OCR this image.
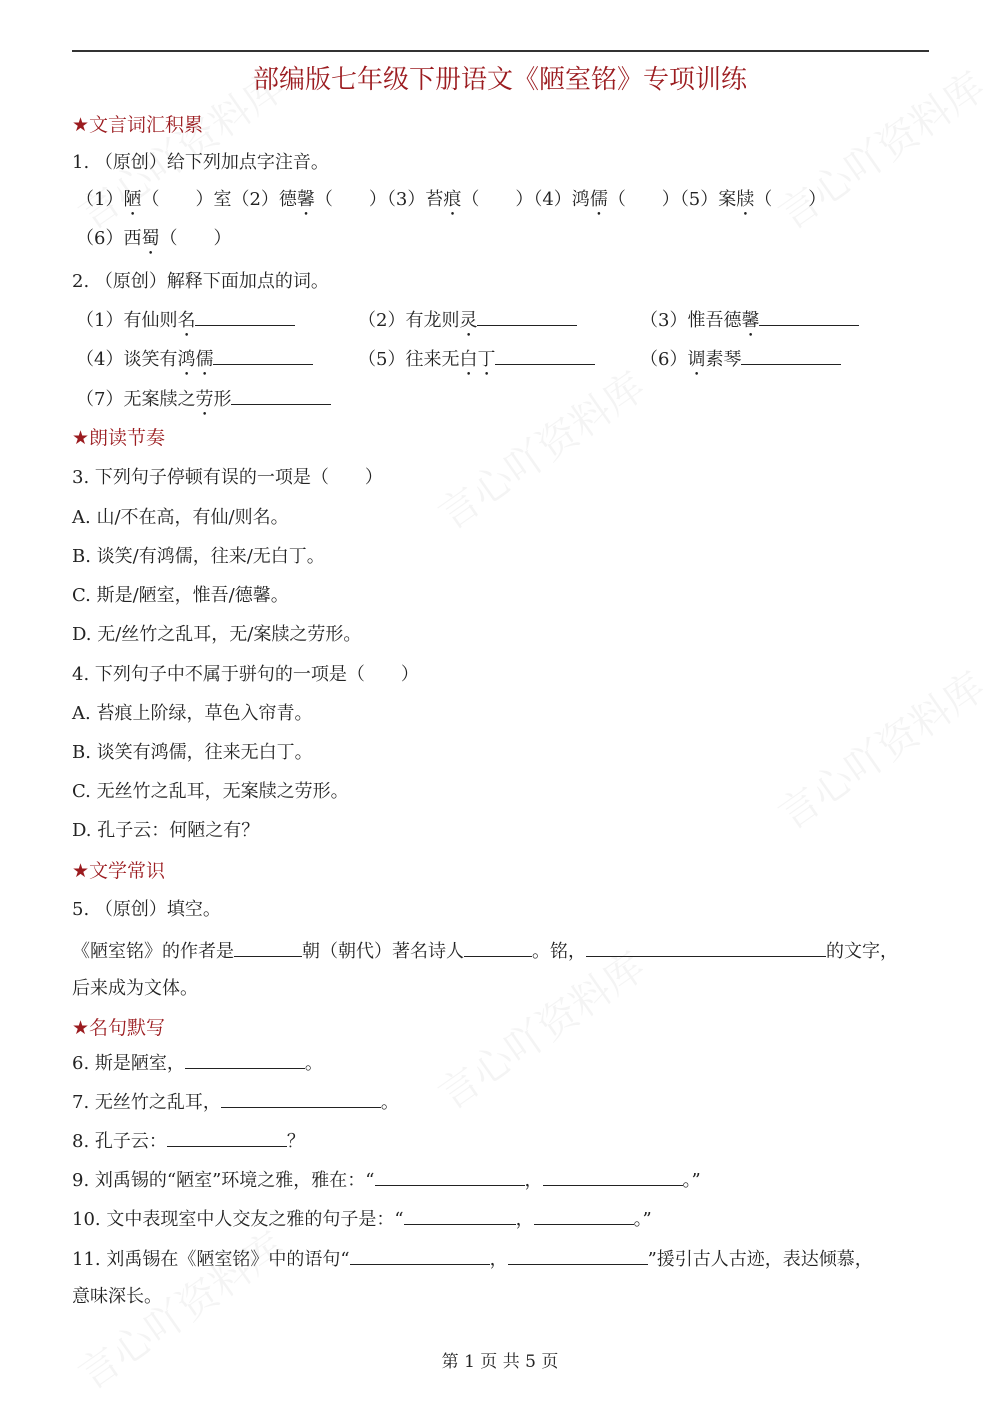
部编版七年级下册语文《陋室铭》专项训练
★文言词汇积累
1. （原创）给下列加点字注音。
（1）陋（　　）室（2）德馨（　　）（3）苔痕（　　）（4）鸿儒（　　）（5）案牍（　　）
（6）西蜀（　　）
2. （原创）解释下面加点的词。
（1）有仙则名	（2）有龙则灵	（3）惟吾德馨
（4）谈笑有鸿儒	（5）往来无白丁	（6）调素琴
（7）无案牍之劳形
★朗读节奏
3. 下列句子停顿有误的一项是（　　）
A. 山/不在高，有仙/则名。
B. 谈笑/有鸿儒，往来/无白丁。
C. 斯是/陋室，惟吾/德馨。
D. 无/丝竹之乱耳，无/案牍之劳形。
4. 下列句子中不属于骈句的一项是（　　）
A. 苔痕上阶绿，草色入帘青。
B. 谈笑有鸿儒，往来无白丁。
C. 无丝竹之乱耳，无案牍之劳形。
D. 孔子云：何陋之有？
★文学常识
5. （原创）填空。
《陋室铭》的作者是	朝（朝代）著名诗人	。铭，	的文字，
后来成为文体。
★名句默写
6. 斯是陋室，	。
7. 无丝竹之乱耳，	。
8. 孔子云：	？
9. 刘禹锡的“陋室”环境之雅，雅在：“	，	。”
10. 文中表现室中人交友之雅的句子是：“	，	。”
11. 刘禹锡在《陋室铭》中的语句“	，	”援引古人古迹，表达倾慕，
意味深长。
第 1 页 共 5 页
